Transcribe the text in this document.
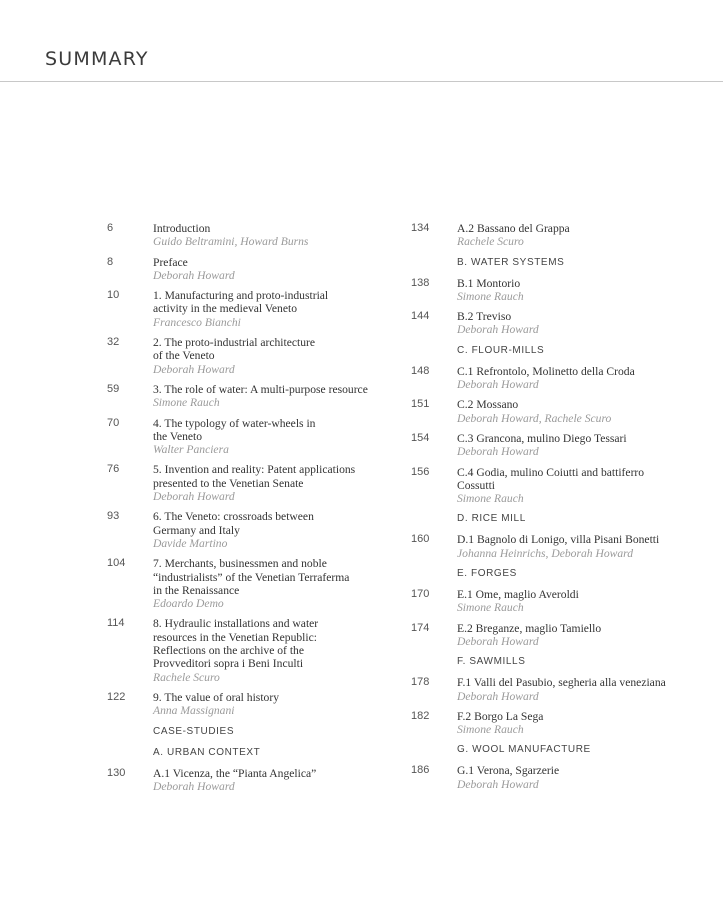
SUMMARY
6	Introduction
Guido Beltramini, Howard Burns
8	Preface
Deborah Howard
10	1. Manufacturing and proto-industrial
activity in the medieval Veneto
Francesco Bianchi
32	2. The proto-industrial architecture
of the Veneto
Deborah Howard
59	3. The role of water: A multi-purpose resource
Simone Rauch
70	4. The typology of water-wheels in
the Veneto
Walter Panciera
76	5. Invention and reality: Patent applications
presented to the Venetian Senate
Deborah Howard
93	6. The Veneto: crossroads between
Germany and Italy
Davide Martino
104 7. Merchants, businessmen and noble
“industrialists” of the Venetian Terraferma
in the Renaissance
Edoardo Demo
114 8. Hydraulic installations and water
resources in the Venetian Republic:
Reflections on the archive of the
Provveditori sopra i Beni Inculti
Rachele Scuro
122 9. The value of oral history
Anna Massignani
CASE-STUDIES
A. URBAN CONTEXT
130 A.1 Vicenza, the “Pianta Angelica”
Deborah Howard
134 A.2 Bassano del Grappa
Rachele Scuro
B. WATER SYSTEMS
138 B.1 Montorio
Simone Rauch
144 B.2 Treviso
Deborah Howard
C. FLOUR-MILLS
148 C.1 Refrontolo, Molinetto della Croda
Deborah Howard
151 C.2 Mossano
Deborah Howard, Rachele Scuro
154 C.3 Grancona, mulino Diego Tessari
Deborah Howard
156 C.4 Godia, mulino Coiutti and battiferro
Cossutti
Simone Rauch
D. RICE MILL
160 D.1 Bagnolo di Lonigo, villa Pisani Bonetti
Johanna Heinrichs, Deborah Howard
E. FORGES
170 E.1 Ome, maglio Averoldi
Simone Rauch
174 E.2 Breganze, maglio Tamiello
Deborah Howard
F. SAWMILLS
178 F.1 Valli del Pasubio, segheria alla veneziana
Deborah Howard
182 F.2 Borgo La Sega
Simone Rauch
G. WOOL MANUFACTURE
186 G.1 Verona, Sgarzerie
Deborah Howard
